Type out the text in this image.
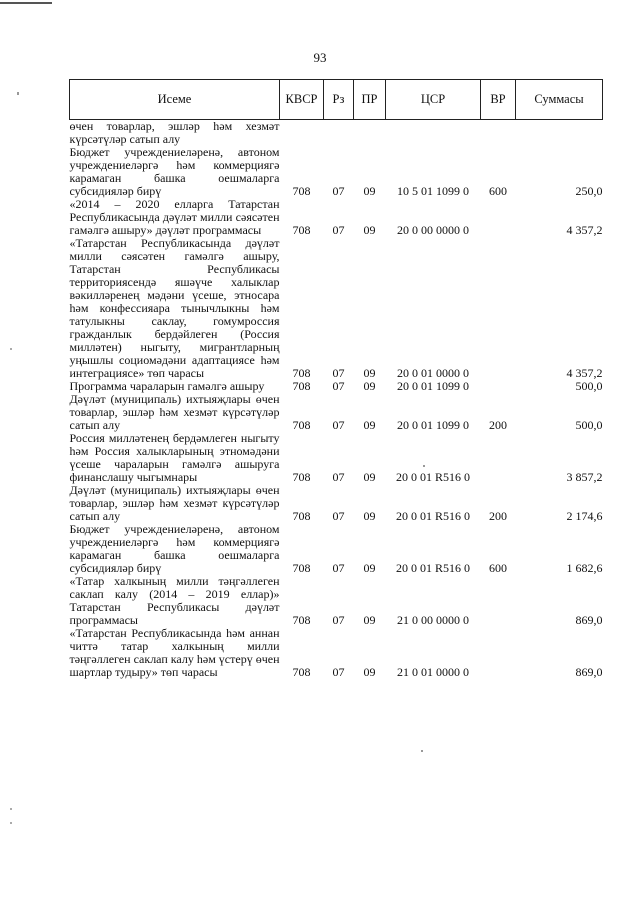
93
Исеме	КВСР	Рз	ПР	ЦСР	ВР	Суммасы
өчен товарлар, эшләр һәм хезмәт күрсәтүләр сатып алу						
Бюджет учреждениеләренә, автоном учреждениеләргә һәм коммерциягә карамаган башка оешмаларга субсидияләр бирү	708	07	09	10 5 01 1099 0	600	250,0
«2014 – 2020 елларга Татарстан Республикасында дәүләт милли сәясәтен гамәлгә ашыру» дәүләт программасы	708	07	09	20 0 00 0000 0		4 357,2
«Татарстан Республикасында дәүләт милли сәясәтен гамәлгә ашыру, Татарстан Республикасы территориясендә яшәүче халыклар вәкилләренең мәдәни үсеше, этносара һәм конфессияара тынычлыкны һәм татулыкны саклау, гомумроссия гражданлык бердәйлеген (Россия милләтен) ныгыту, мигрантларның уңышлы социомәдәни адаптациясе һәм интеграциясе» төп чарасы	708	07	09	20 0 01 0000 0		4 357,2
Программа чараларын гамәлгә ашыру	708	07	09	20 0 01 1099 0		500,0
Дәүләт (муниципаль) ихтыяҗлары өчен товарлар, эшләр һәм хезмәт күрсәтүләр сатып алу	708	07	09	20 0 01 1099 0	200	500,0
Россия милләтенең бердәмлеген ныгыту һәм Россия халыкларының этномәдәни үсеше чараларын гамәлгә ашыруга финанслашу чыгымнары	708	07	09	20 0 01 R516 0		3 857,2
Дәүләт (муниципаль) ихтыяҗлары өчен товарлар, эшләр һәм хезмәт күрсәтүләр сатып алу	708	07	09	20 0 01 R516 0	200	2 174,6
Бюджет учреждениеләренә, автоном учреждениеләргә һәм коммерциягә карамаган башка оешмаларга субсидияләр бирү	708	07	09	20 0 01 R516 0	600	1 682,6
«Татар халкының милли тәңгәллеген саклап калу (2014 – 2019 еллар)» Татарстан Республикасы дәүләт программасы	708	07	09	21 0 00 0000 0		869,0
«Татарстан Республикасында һәм аннан читтә татар халкының милли тәңгәллеген саклап калу һәм үстерү өчен шартлар тудыру» төп чарасы	708	07	09	21 0 01 0000 0		869,0
